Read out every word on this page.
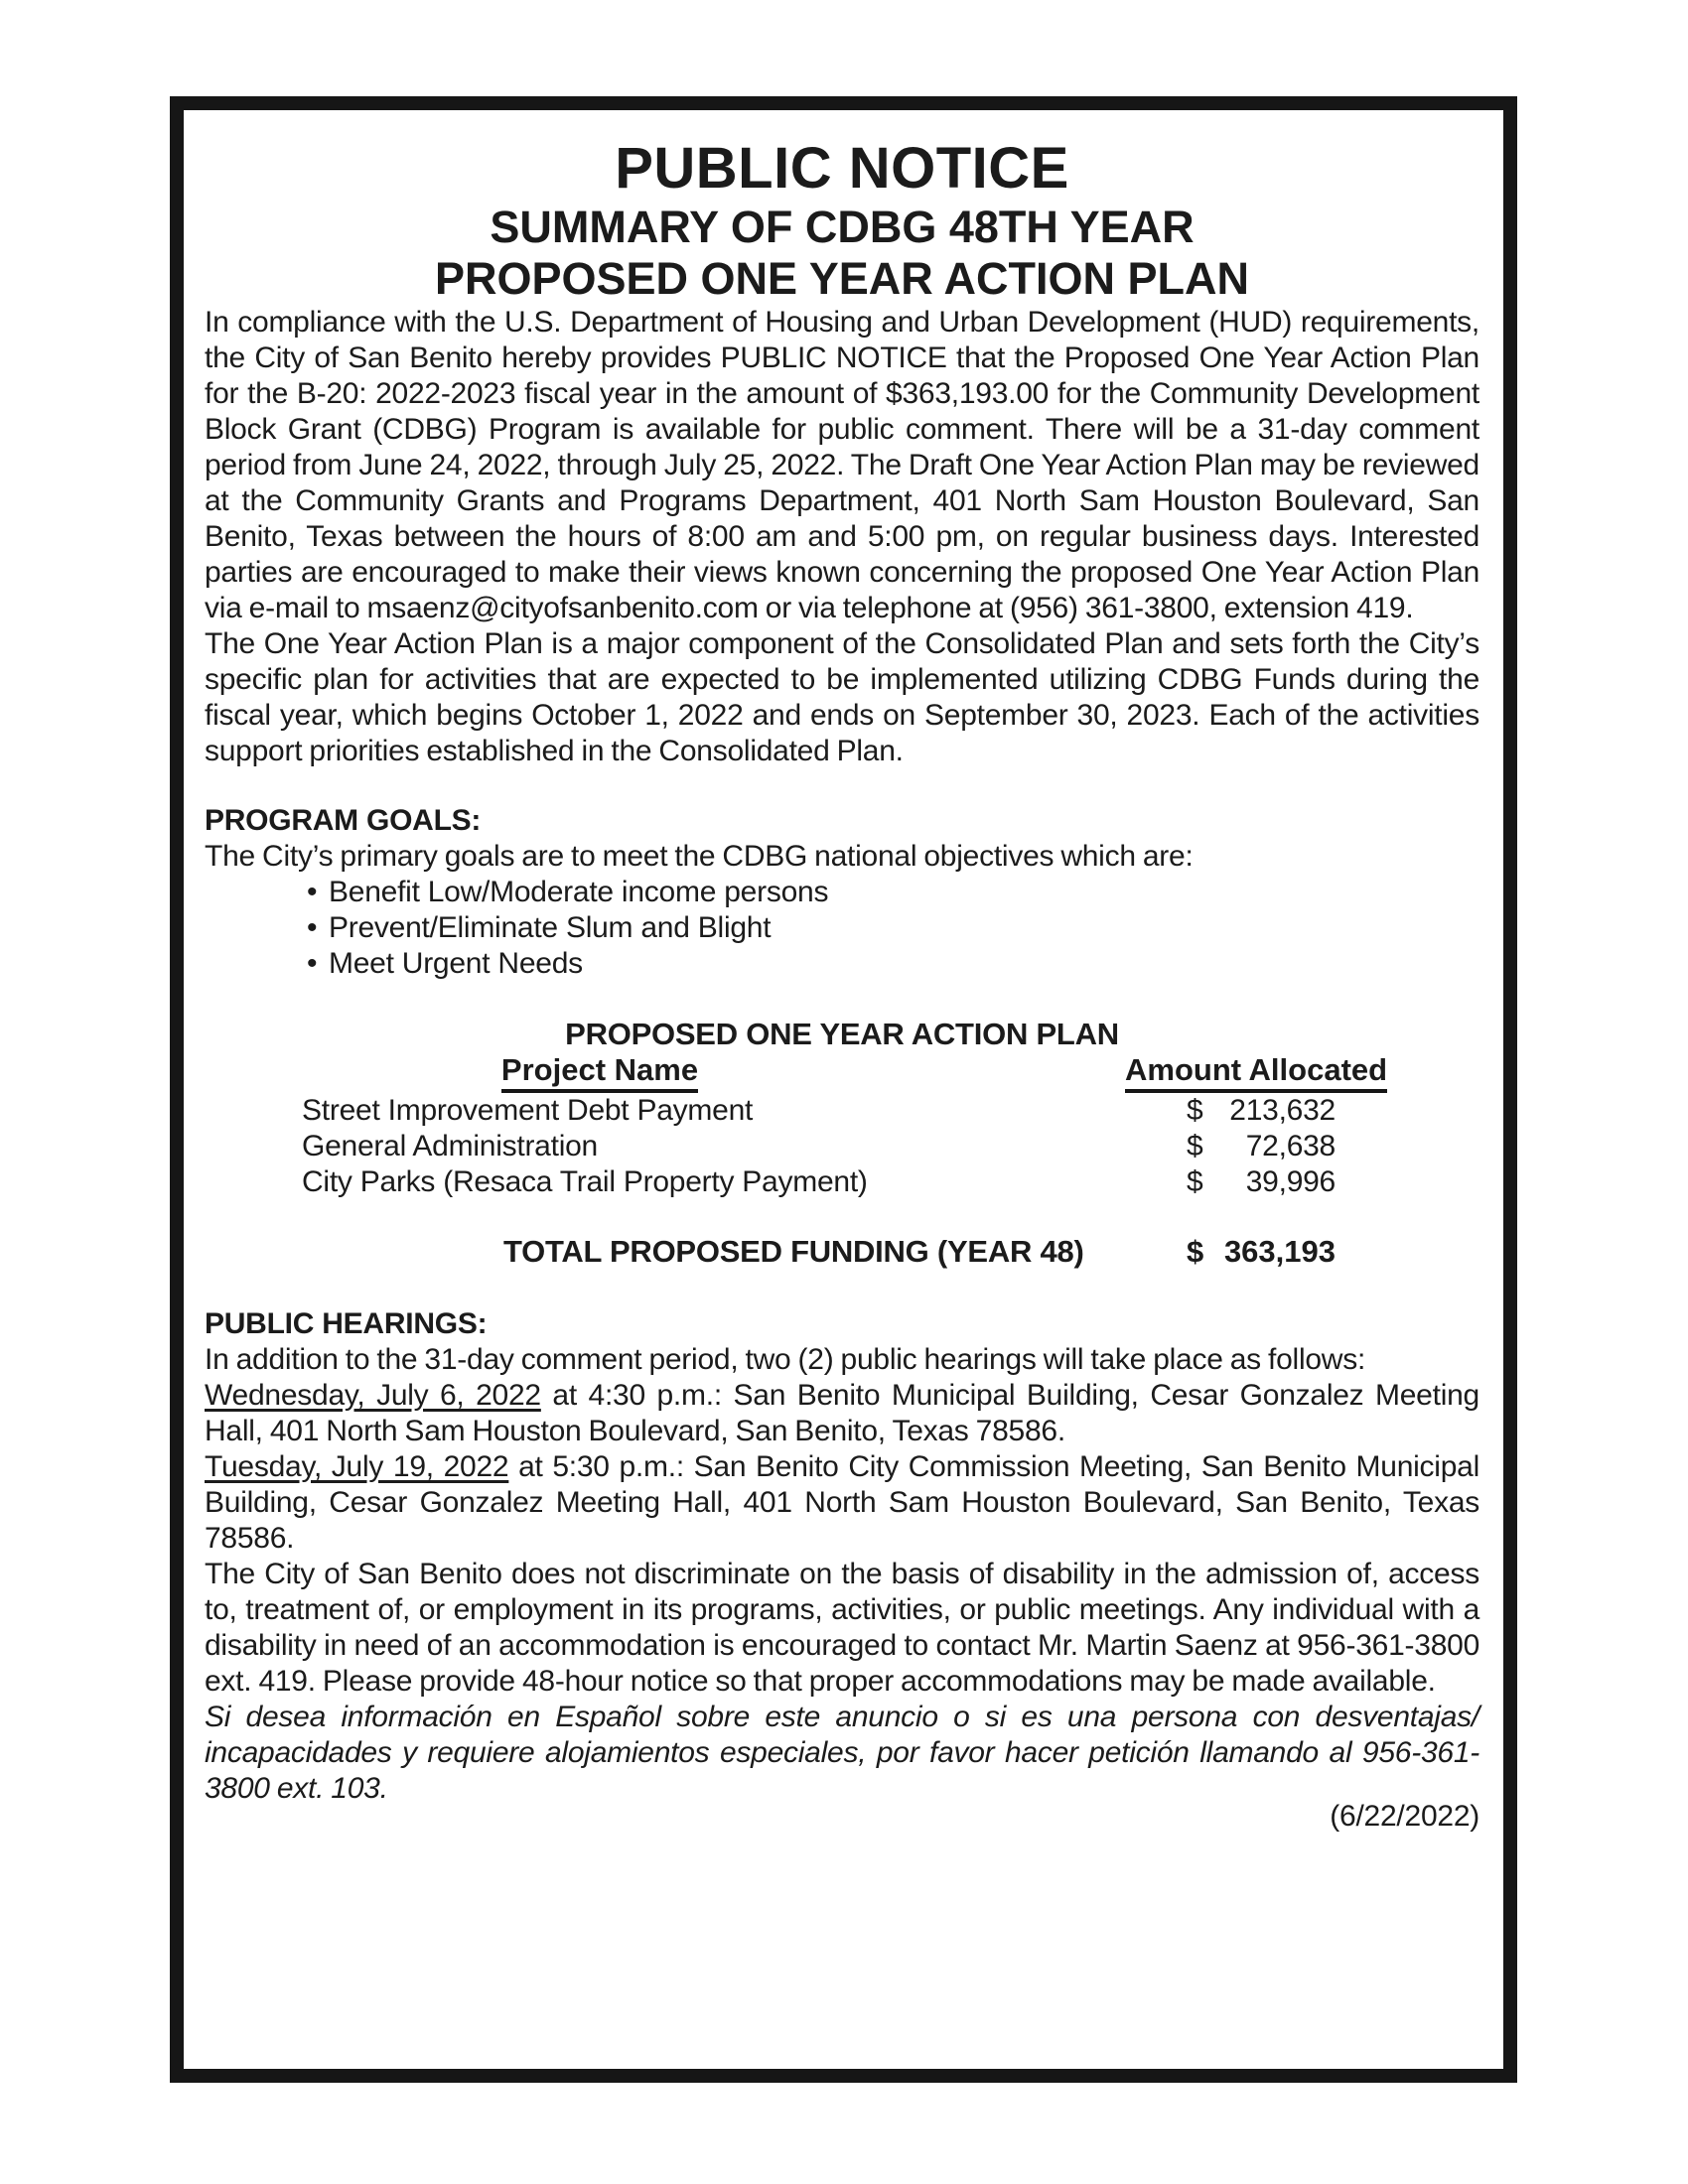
PUBLIC NOTICE
SUMMARY OF CDBG 48TH YEAR
PROPOSED ONE YEAR ACTION PLAN

In compliance with the U.S. Department of Housing and Urban Development (HUD) requirements, the City of San Benito hereby provides PUBLIC NOTICE that the Proposed One Year Action Plan for the B-20: 2022-2023 fiscal year in the amount of $363,193.00 for the Community Development Block Grant (CDBG) Program is available for public comment. There will be a 31-day comment period from June 24, 2022, through July 25, 2022. The Draft One Year Action Plan may be reviewed at the Community Grants and Programs Department, 401 North Sam Houston Boulevard, San Benito, Texas between the hours of 8:00 am and 5:00 pm, on regular business days. Interested parties are encouraged to make their views known concerning the proposed One Year Action Plan via e-mail to msaenz@cityofsanbenito.com or via telephone at (956) 361-3800, extension 419.

The One Year Action Plan is a major component of the Consolidated Plan and sets forth the City’s specific plan for activities that are expected to be implemented utilizing CDBG Funds during the fiscal year, which begins October 1, 2022 and ends on September 30, 2023. Each of the activities support priorities established in the Consolidated Plan.

PROGRAM GOALS:

The City’s primary goals are to meet the CDBG national objectives which are:

• Benefit Low/Moderate income persons
• Prevent/Eliminate Slum and Blight
• Meet Urgent Needs
PROPOSED ONE YEAR ACTION PLAN
Project Name	Amount Allocated
Street Improvement Debt Payment	$ 213,632
General Administration	$ 72,638
City Parks (Resaca Trail Property Payment)	$ 39,996
TOTAL PROPOSED FUNDING (YEAR 48)	$ 363,193
PUBLIC HEARINGS:

In addition to the 31-day comment period, two (2) public hearings will take place as follows:

Wednesday, July 6, 2022 at 4:30 p.m.: San Benito Municipal Building, Cesar Gonzalez Meeting Hall, 401 North Sam Houston Boulevard, San Benito, Texas 78586.

Tuesday, July 19, 2022 at 5:30 p.m.: San Benito City Commission Meeting, San Benito Municipal Building, Cesar Gonzalez Meeting Hall, 401 North Sam Houston Boulevard, San Benito, Texas 78586.

The City of San Benito does not discriminate on the basis of disability in the admission of, access to, treatment of, or employment in its programs, activities, or public meetings. Any individual with a disability in need of an accommodation is encouraged to contact Mr. Martin Saenz at 956-361-3800 ext. 419. Please provide 48-hour notice so that proper accommodations may be made available.

Si desea información en Español sobre este anuncio o si es una persona con desventajas/ incapacidades y requiere alojamientos especiales, por favor hacer petición llamando al 956-361-3800 ext. 103.

(6/22/2022)
